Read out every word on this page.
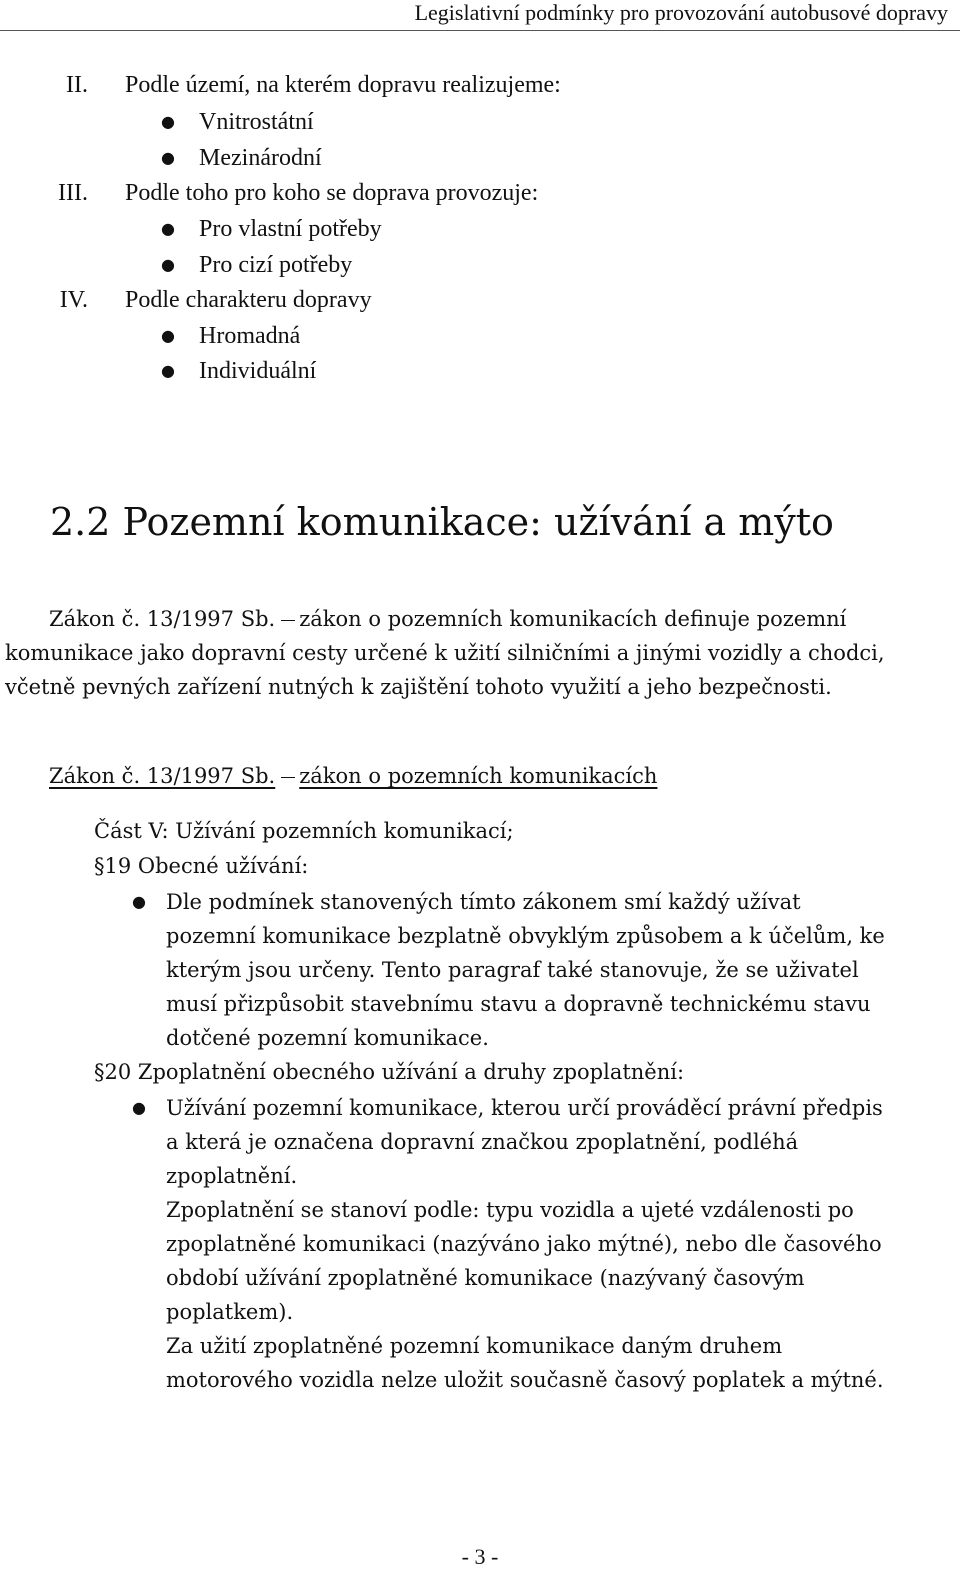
Legislativní podmínky pro provozování autobusové dopravy
II. Podle území, na kterém dopravu realizujeme:
● Vnitrostátní
● Mezinárodní
III. Podle toho pro koho se doprava provozuje:
● Pro vlastní potřeby
● Pro cizí potřeby
IV. Podle charakteru dopravy
● Hromadná
● Individuální
2.2 Pozemní komunikace: užívání a mýto

Zákon č. 13/1997 Sb. zákon o pozemních komunikacích definuje pozemní komunikace jako dopravní cesty určené k užití silničními a jinými vozidly a chodci, včetně pevných zařízení nutných k zajištění tohoto využití a jeho bezpečnosti.

Zákon č. 13/1997 Sb. zákon o pozemních komunikacích
Část V: Užívání pozemních komunikací;
§19 Obecné užívání:
● Dle podmínek stanovených tímto zákonem smí každý užívat
pozemní komunikace bezplatně obvyklým způsobem a k účelům, ke
kterým jsou určeny. Tento paragraf také stanovuje, že se uživatel
musí přizpůsobit stavebnímu stavu a dopravně technickému stavu
dotčené pozemní komunikace.
§20 Zpoplatnění obecného užívání a druhy zpoplatnění:
● Užívání pozemní komunikace, kterou určí prováděcí právní předpis
a která je označena dopravní značkou zpoplatnění, podléhá
zpoplatnění.
Zpoplatnění se stanoví podle: typu vozidla a ujeté vzdálenosti po
zpoplatněné komunikaci (nazýváno jako mýtné), nebo dle časového
období užívání zpoplatněné komunikace (nazývaný časovým
poplatkem).
Za užití zpoplatněné pozemní komunikace daným druhem
motorového vozidla nelze uložit současně časový poplatek a mýtné.
- 3 -
